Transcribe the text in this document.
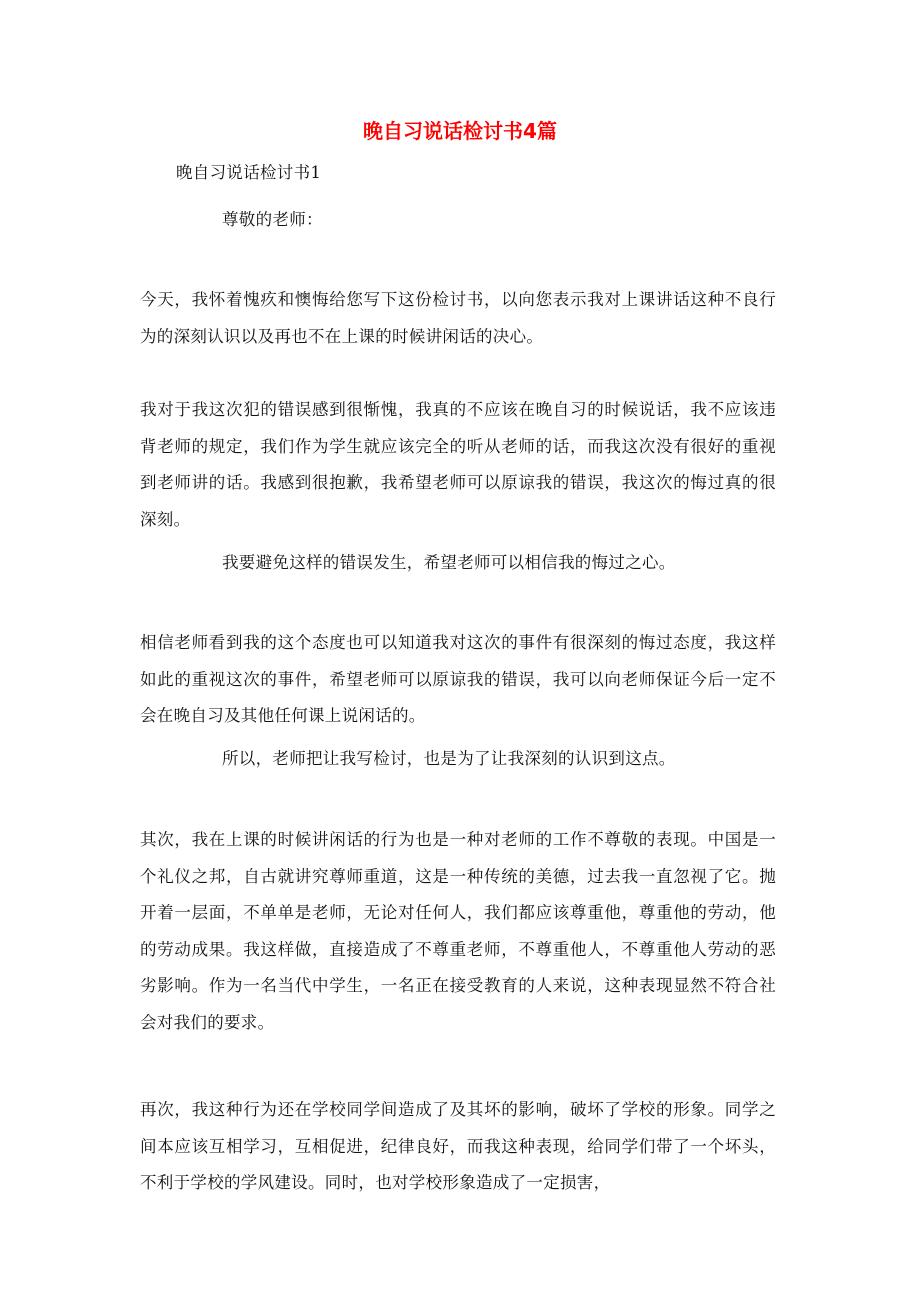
晚自习说话检讨书4篇

晚自习说话检讨书1

尊敬的老师：

今天，我怀着愧疚和懊悔给您写下这份检讨书，以向您表示我对上课讲话这种不良行为的深刻认识以及再也不在上课的时候讲闲话的决心。

我对于我这次犯的错误感到很惭愧，我真的不应该在晚自习的时候说话，我不应该违背老师的规定，我们作为学生就应该完全的听从老师的话，而我这次没有很好的重视到老师讲的话。我感到很抱歉，我希望老师可以原谅我的错误，我这次的悔过真的很深刻。

我要避免这样的错误发生，希望老师可以相信我的悔过之心。

相信老师看到我的这个态度也可以知道我对这次的事件有很深刻的悔过态度，我这样如此的重视这次的事件，希望老师可以原谅我的错误，我可以向老师保证今后一定不会在晚自习及其他任何课上说闲话的。

所以，老师把让我写检讨，也是为了让我深刻的认识到这点。

其次，我在上课的时候讲闲话的行为也是一种对老师的工作不尊敬的表现。中国是一个礼仪之邦，自古就讲究尊师重道，这是一种传统的美德，过去我一直忽视了它。抛开着一层面，不单单是老师，无论对任何人，我们都应该尊重他，尊重他的劳动，他的劳动成果。我这样做，直接造成了不尊重老师，不尊重他人，不尊重他人劳动的恶劣影响。作为一名当代中学生，一名正在接受教育的人来说，这种表现显然不符合社会对我们的要求。

再次，我这种行为还在学校同学间造成了及其坏的影响，破坏了学校的形象。同学之间本应该互相学习，互相促进，纪律良好，而我这种表现，给同学们带了一个坏头，不利于学校的学风建设。同时，也对学校形象造成了一定损害，
